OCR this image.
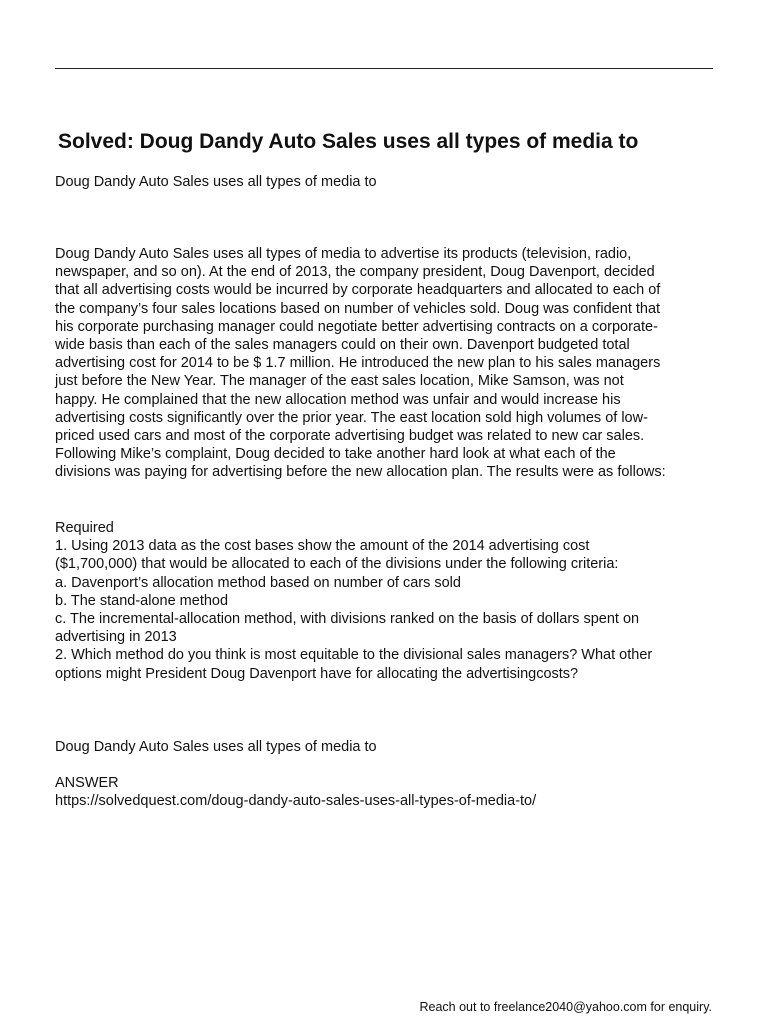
Solved: Doug Dandy Auto Sales uses all types of media to

Doug Dandy Auto Sales uses all types of media to

Doug Dandy Auto Sales uses all types of media to advertise its products (television, radio,
newspaper, and so on). At the end of 2013, the company president, Doug Davenport, decided
that all advertising costs would be incurred by corporate headquarters and allocated to each of
the company’s four sales locations based on number of vehicles sold. Doug was confident that
his corporate purchasing manager could negotiate better advertising contracts on a corporate-
wide basis than each of the sales managers could on their own. Davenport budgeted total
advertising cost for 2014 to be $ 1.7 million. He introduced the new plan to his sales managers
just before the New Year. The manager of the east sales location, Mike Samson, was not
happy. He complained that the new allocation method was unfair and would increase his
advertising costs significantly over the prior year. The east location sold high volumes of low-
priced used cars and most of the corporate advertising budget was related to new car sales.
Following Mike’s complaint, Doug decided to take another hard look at what each of the
divisions was paying for advertising before the new allocation plan. The results were as follows:
Required
1. Using 2013 data as the cost bases show the amount of the 2014 advertising cost
($1,700,000) that would be allocated to each of the divisions under the following criteria:
a. Davenport’s allocation method based on number of cars sold
b. The stand-alone method
c. The incremental-allocation method, with divisions ranked on the basis of dollars spent on
advertising in 2013
2. Which method do you think is most equitable to the divisional sales managers? What other
options might President Doug Davenport have for allocating the advertisingcosts?

Doug Dandy Auto Sales uses all types of media to

ANSWER
https://solvedquest.com/doug-dandy-auto-sales-uses-all-types-of-media-to/
Reach out to freelance2040@yahoo.com for enquiry.
